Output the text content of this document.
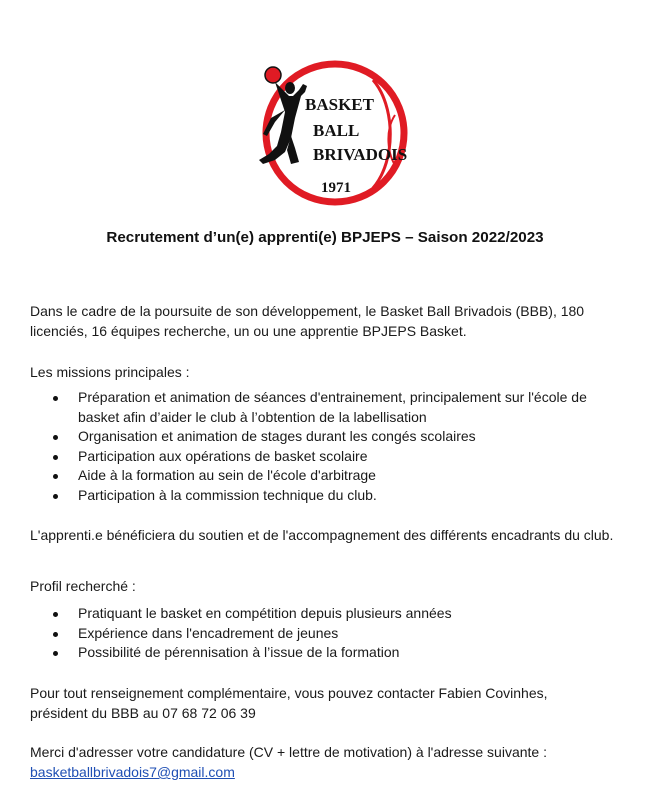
BASKET
BALL
BRIVADOIS
1971
Recrutement d’un(e) apprenti(e) BPJEPS – Saison 2022/2023
Dans le cadre de la poursuite de son développement, le Basket Ball Brivadois (BBB), 180 licenciés, 16 équipes recherche, un ou une apprentie BPJEPS Basket.
Les missions principales :
Préparation et animation de séances d'entrainement, principalement sur l'école de basket afin d’aider le club à l’obtention de la labellisation
Organisation et animation de stages durant les congés scolaires
Participation aux opérations de basket scolaire
Aide à la formation au sein de l'école d'arbitrage
Participation à la commission technique du club.
L'apprenti.e bénéficiera du soutien et de l'accompagnement des différents encadrants du club.
Profil recherché :
Pratiquant le basket en compétition depuis plusieurs années
Expérience dans l'encadrement de jeunes
Possibilité de pérennisation à l’issue de la formation
Pour tout renseignement complémentaire, vous pouvez contacter Fabien Covinhes,
président du BBB au 07 68 72 06 39
Merci d'adresser votre candidature (CV + lettre de motivation) à l'adresse suivante :
basketballbrivadois7@gmail.com
